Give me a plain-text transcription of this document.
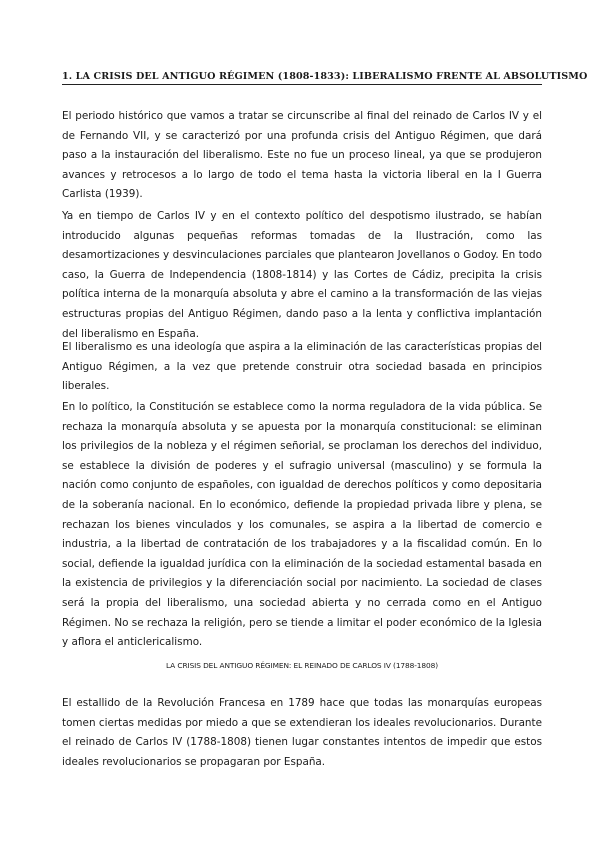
1. LA CRISIS DEL ANTIGUO RÉGIMEN (1808-1833): LIBERALISMO FRENTE AL ABSOLUTISMO

El periodo histórico que vamos a tratar se circunscribe al final del reinado de Carlos IV y el de Fernando VII, y se caracterizó por una profunda crisis del Antiguo Régimen, que dará paso a la instauración del liberalismo. Este no fue un proceso lineal, ya que se produjeron avances y retrocesos a lo largo de todo el tema hasta la victoria liberal en la I Guerra Carlista (1939).

Ya en tiempo de Carlos IV y en el contexto político del despotismo ilustrado, se habían introducido algunas pequeñas reformas tomadas de la Ilustración, como las desamortizaciones y desvinculaciones parciales que plantearon Jovellanos o Godoy. En todo caso, la Guerra de Independencia (1808-1814) y las Cortes de Cádiz, precipita la crisis política interna de la monarquía absoluta y abre el camino a la transformación de las viejas estructuras propias del Antiguo Régimen, dando paso a la lenta y conflictiva implantación del liberalismo en España.

El liberalismo es una ideología que aspira a la eliminación de las características propias del Antiguo Régimen, a la vez que pretende construir otra sociedad basada en principios liberales.

En lo político, la Constitución se establece como la norma reguladora de la vida pública. Se rechaza la monarquía absoluta y se apuesta por la monarquía constitucional: se eliminan los privilegios de la nobleza y el régimen señorial, se proclaman los derechos del individuo, se establece la división de poderes y el sufragio universal (masculino) y se formula la nación como conjunto de españoles, con igualdad de derechos políticos y como depositaria de la soberanía nacional. En lo económico, defiende la propiedad privada libre y plena, se rechazan los bienes vinculados y los comunales, se aspira a la libertad de comercio e industria, a la libertad de contratación de los trabajadores y a la fiscalidad común. En lo social, defiende la igualdad jurídica con la eliminación de la sociedad estamental basada en la existencia de privilegios y la diferenciación social por nacimiento. La sociedad de clases será la propia del liberalismo, una sociedad abierta y no cerrada como en el Antiguo Régimen. No se rechaza la religión, pero se tiende a limitar el poder económico de la Iglesia y aflora el anticlericalismo.

LA CRISIS DEL ANTIGUO RÉGIMEN: EL REINADO DE CARLOS IV (1788-1808)

El estallido de la Revolución Francesa en 1789 hace que todas las monarquías europeas tomen ciertas medidas por miedo a que se extendieran los ideales revolucionarios. Durante el reinado de Carlos IV (1788-1808) tienen lugar constantes intentos de impedir que estos ideales revolucionarios se propagaran por España.
